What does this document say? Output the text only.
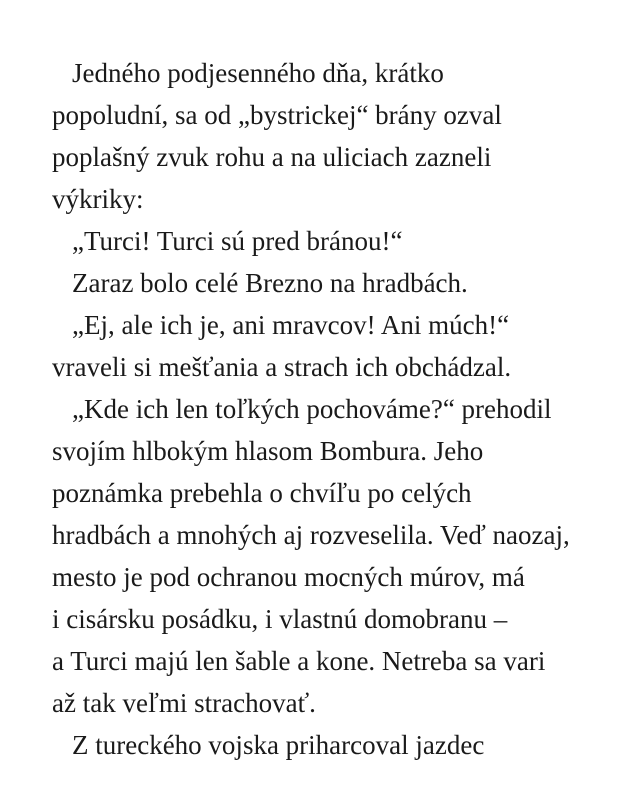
Jedného podjesenného dňa, krátko
popoludní, sa od „bystrickej“ brány ozval
poplašný zvuk rohu a na uliciach zazneli
výkriky:
„Turci! Turci sú pred bránou!“
Zaraz bolo celé Brezno na hradbách.
„Ej, ale ich je, ani mravcov! Ani múch!“
vraveli si mešťania a strach ich obchádzal.
„Kde ich len toľkých pochováme?“ prehodil
svojím hlbokým hlasom Bombura. Jeho
poznámka prebehla o chvíľu po celých
hradbách a mnohých aj rozveselila. Veď naozaj,
mesto je pod ochranou mocných múrov, má
i cisársku posádku, i vlastnú domobranu –
a Turci majú len šable a kone. Netreba sa vari
až tak veľmi strachovať.
Z tureckého vojska priharcoval jazdec
